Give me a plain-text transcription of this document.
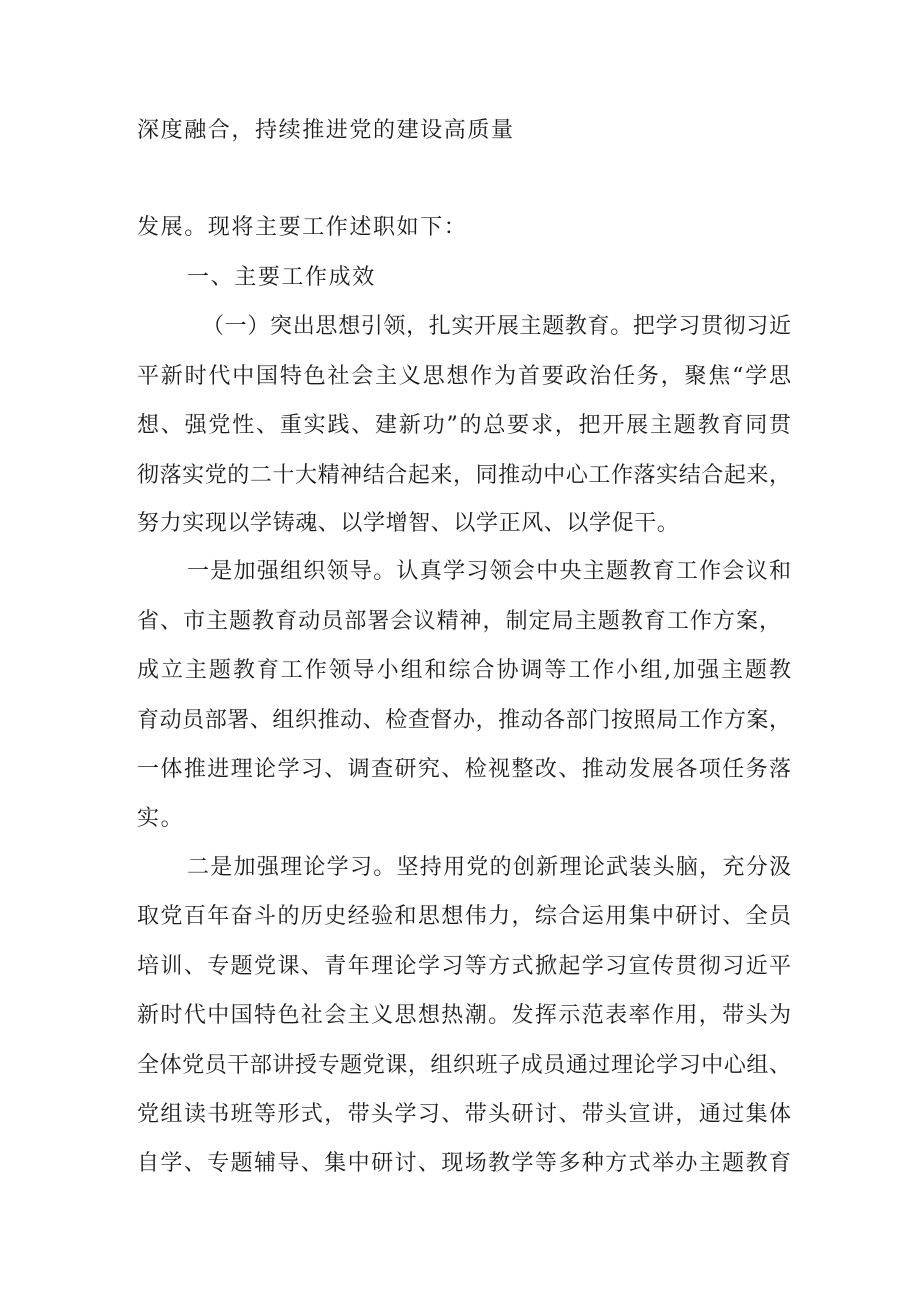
深度融合，持续推进党的建设高质量
发展。现将主要工作述职如下：
一、主要工作成效
（一）突出思想引领，扎实开展主题教育。把学习贯彻习近
平新时代中国特色社会主义思想作为首要政治任务，聚焦“学思
想、强党性、重实践、建新功”的总要求，把开展主题教育同贯
彻落实党的二十大精神结合起来，同推动中心工作落实结合起来，
努力实现以学铸魂、以学增智、以学正风、以学促干。
一是加强组织领导。认真学习领会中央主题教育工作会议和
省、市主题教育动员部署会议精神，制定局主题教育工作方案，
成立主题教育工作领导小组和综合协调等工作小组,加强主题教
育动员部署、组织推动、检查督办，推动各部门按照局工作方案，
一体推进理论学习、调查研究、检视整改、推动发展各项任务落
实。
二是加强理论学习。坚持用党的创新理论武装头脑，充分汲
取党百年奋斗的历史经验和思想伟力，综合运用集中研讨、全员
培训、专题党课、青年理论学习等方式掀起学习宣传贯彻习近平
新时代中国特色社会主义思想热潮。发挥示范表率作用，带头为
全体党员干部讲授专题党课，组织班子成员通过理论学习中心组、
党组读书班等形式，带头学习、带头研讨、带头宣讲，通过集体
自学、专题辅导、集中研讨、现场教学等多种方式举办主题教育
